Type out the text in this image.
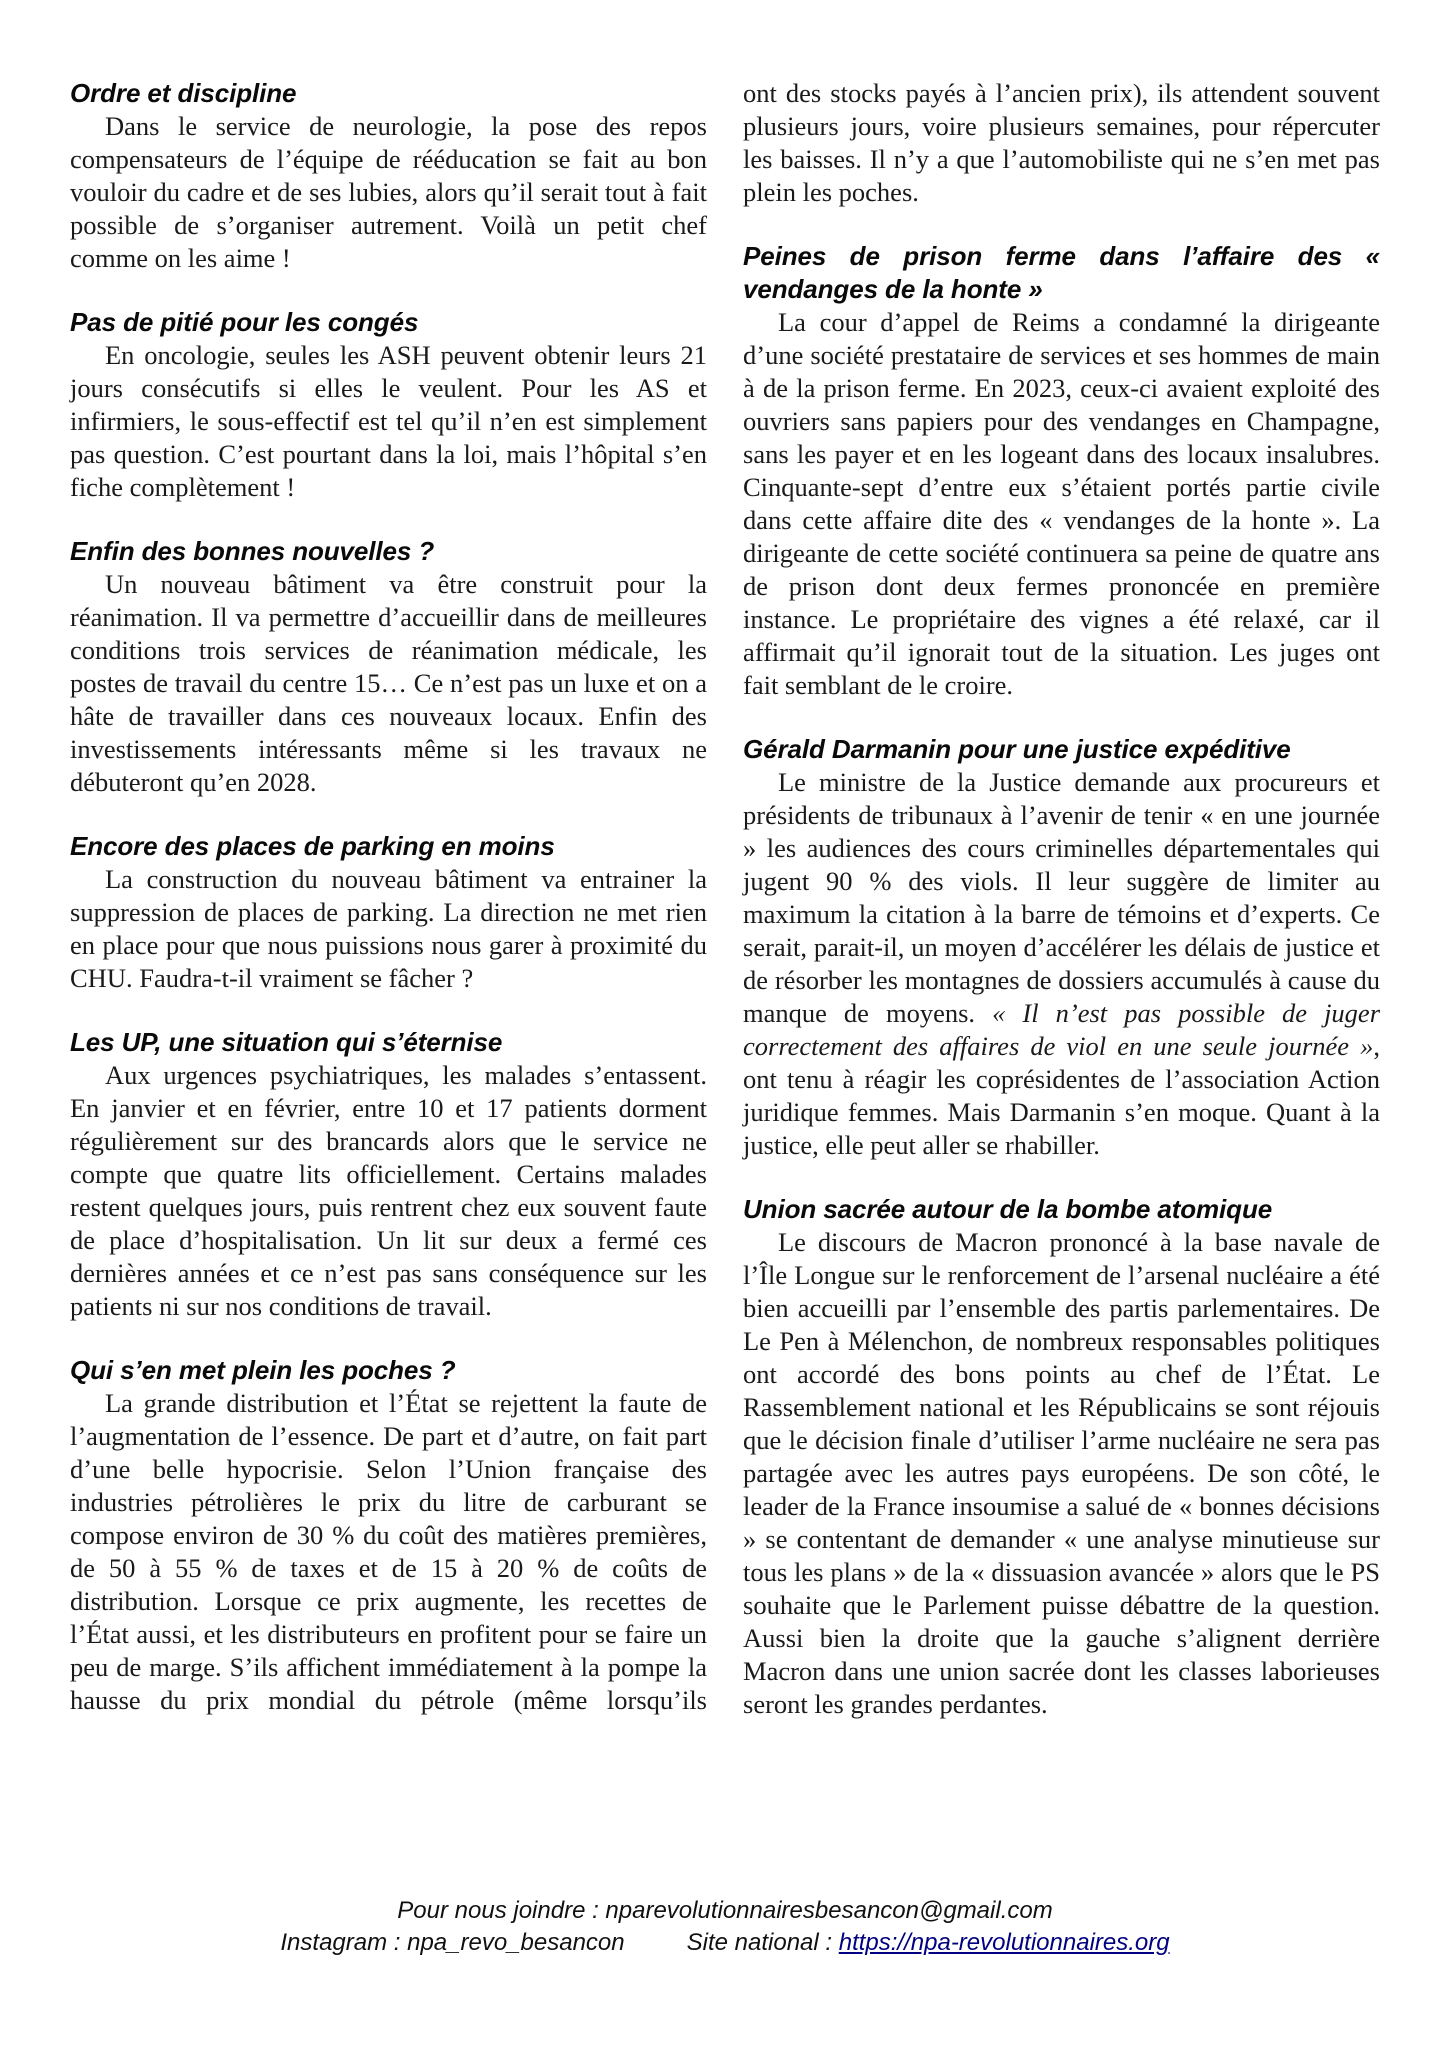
Ordre et discipline

Dans le service de neurologie, la pose des repos compensateurs de l’équipe de rééducation se fait au bon vouloir du cadre et de ses lubies, alors qu’il serait tout à fait possible de s’organiser autrement. Voilà un petit chef comme on les aime !

Pas de pitié pour les congés

En oncologie, seules les ASH peuvent obtenir leurs 21 jours consécutifs si elles le veulent. Pour les AS et infirmiers, le sous-effectif est tel qu’il n’en est simplement pas question. C’est pourtant dans la loi, mais l’hôpital s’en fiche complètement !

Enfin des bonnes nouvelles ?

Un nouveau bâtiment va être construit pour la réanimation. Il va permettre d’accueillir dans de meilleures conditions trois services de réanimation médicale, les postes de travail du centre 15… Ce n’est pas un luxe et on a hâte de travailler dans ces nouveaux locaux. Enfin des investissements intéressants même si les travaux ne débuteront qu’en 2028.

Encore des places de parking en moins

La construction du nouveau bâtiment va entrainer la suppression de places de parking. La direction ne met rien en place pour que nous puissions nous garer à proximité du CHU. Faudra-t-il vraiment se fâcher ?

Les UP, une situation qui s’éternise

Aux urgences psychiatriques, les malades s’entassent. En janvier et en février, entre 10 et 17 patients dorment régulièrement sur des brancards alors que le service ne compte que quatre lits officiellement. Certains malades restent quelques jours, puis rentrent chez eux souvent faute de place d’hospitalisation. Un lit sur deux a fermé ces dernières années et ce n’est pas sans conséquence sur les patients ni sur nos conditions de travail.

Qui s’en met plein les poches ?

La grande distribution et l’État se rejettent la faute de l’augmentation de l’essence. De part et d’autre, on fait part d’une belle hypocrisie. Selon l’Union française des industries pétrolières le prix du litre de carburant se compose environ de 30 % du coût des matières premières, de 50 à 55 % de taxes et de 15 à 20 % de coûts de distribution. Lorsque ce prix augmente, les recettes de l’État aussi, et les distributeurs en profitent pour se faire un peu de marge. S’ils affichent immédiatement à la pompe la hausse du prix mondial du pétrole (même lorsqu’ils

ont des stocks payés à l’ancien prix), ils attendent souvent plusieurs jours, voire plusieurs semaines, pour répercuter les baisses. Il n’y a que l’automobiliste qui ne s’en met pas plein les poches.

Peines de prison ferme dans l’affaire des « vendanges de la honte »

La cour d’appel de Reims a condamné la dirigeante d’une société prestataire de services et ses hommes de main à de la prison ferme. En 2023, ceux-ci avaient exploité des ouvriers sans papiers pour des vendanges en Champagne, sans les payer et en les logeant dans des locaux insalubres. Cinquante-sept d’entre eux s’étaient portés partie civile dans cette affaire dite des « vendanges de la honte ». La dirigeante de cette société continuera sa peine de quatre ans de prison dont deux fermes prononcée en première instance. Le propriétaire des vignes a été relaxé, car il affirmait qu’il ignorait tout de la situation. Les juges ont fait semblant de le croire.

Gérald Darmanin pour une justice expéditive

Le ministre de la Justice demande aux procureurs et présidents de tribunaux à l’avenir de tenir « en une journée » les audiences des cours criminelles départementales qui jugent 90 % des viols. Il leur suggère de limiter au maximum la citation à la barre de témoins et d’experts. Ce serait, parait-il, un moyen d’accélérer les délais de justice et de résorber les montagnes de dossiers accumulés à cause du manque de moyens. « Il n’est pas possible de juger correctement des affaires de viol en une seule journée », ont tenu à réagir les coprésidentes de l’association Action juridique femmes. Mais Darmanin s’en moque. Quant à la justice, elle peut aller se rhabiller.

Union sacrée autour de la bombe atomique

Le discours de Macron prononcé à la base navale de l’Île Longue sur le renforcement de l’arsenal nucléaire a été bien accueilli par l’ensemble des partis parlementaires. De Le Pen à Mélenchon, de nombreux responsables politiques ont accordé des bons points au chef de l’État. Le Rassemblement national et les Républicains se sont réjouis que le décision finale d’utiliser l’arme nucléaire ne sera pas partagée avec les autres pays européens. De son côté, le leader de la France insoumise a salué de « bonnes décisions » se contentant de demander « une analyse minutieuse sur tous les plans » de la « dissuasion avancée » alors que le PS souhaite que le Parlement puisse débattre de la question. Aussi bien la droite que la gauche s’alignent derrière Macron dans une union sacrée dont les classes laborieuses seront les grandes perdantes.

Pour nous joindre : nparevolutionnairesbesancon@gmail.com
Instagram : npa_revo_besancon	Site national : https://npa-revolutionnaires.org
